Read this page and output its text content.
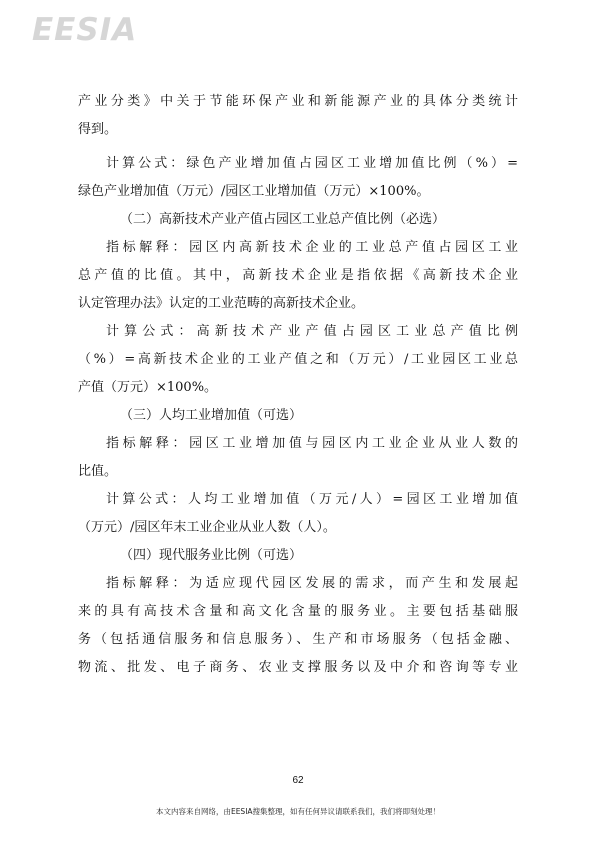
EESIA
产业分类》中关于节能环保产业和新能源产业的具体分类统计
得到。
计算公式：绿色产业增加值占园区工业增加值比例（%）=
绿色产业增加值（万元）/园区工业增加值（万元）×100%。
（二）高新技术产业产值占园区工业总产值比例（必选）
指标解释：园区内高新技术企业的工业总产值占园区工业
总产值的比值。其中，高新技术企业是指依据《高新技术企业
认定管理办法》认定的工业范畴的高新技术企业。
计算公式：高新技术产业产值占园区工业总产值比例
（%）=高新技术企业的工业产值之和（万元）/工业园区工业总
产值（万元）×100%。
（三）人均工业增加值（可选）
指标解释：园区工业增加值与园区内工业企业从业人数的
比值。
计算公式：人均工业增加值（万元/人）=园区工业增加值
（万元）/园区年末工业企业从业人数（人）。
（四）现代服务业比例（可选）
指标解释：为适应现代园区发展的需求，而产生和发展起
来的具有高技术含量和高文化含量的服务业。主要包括基础服
务（包括通信服务和信息服务）、生产和市场服务（包括金融、
物流、批发、电子商务、农业支撑服务以及中介和咨询等专业
62
本文内容来自网络，由EESIA搜集整理，如有任何异议请联系我们，我们将即刻处理！
